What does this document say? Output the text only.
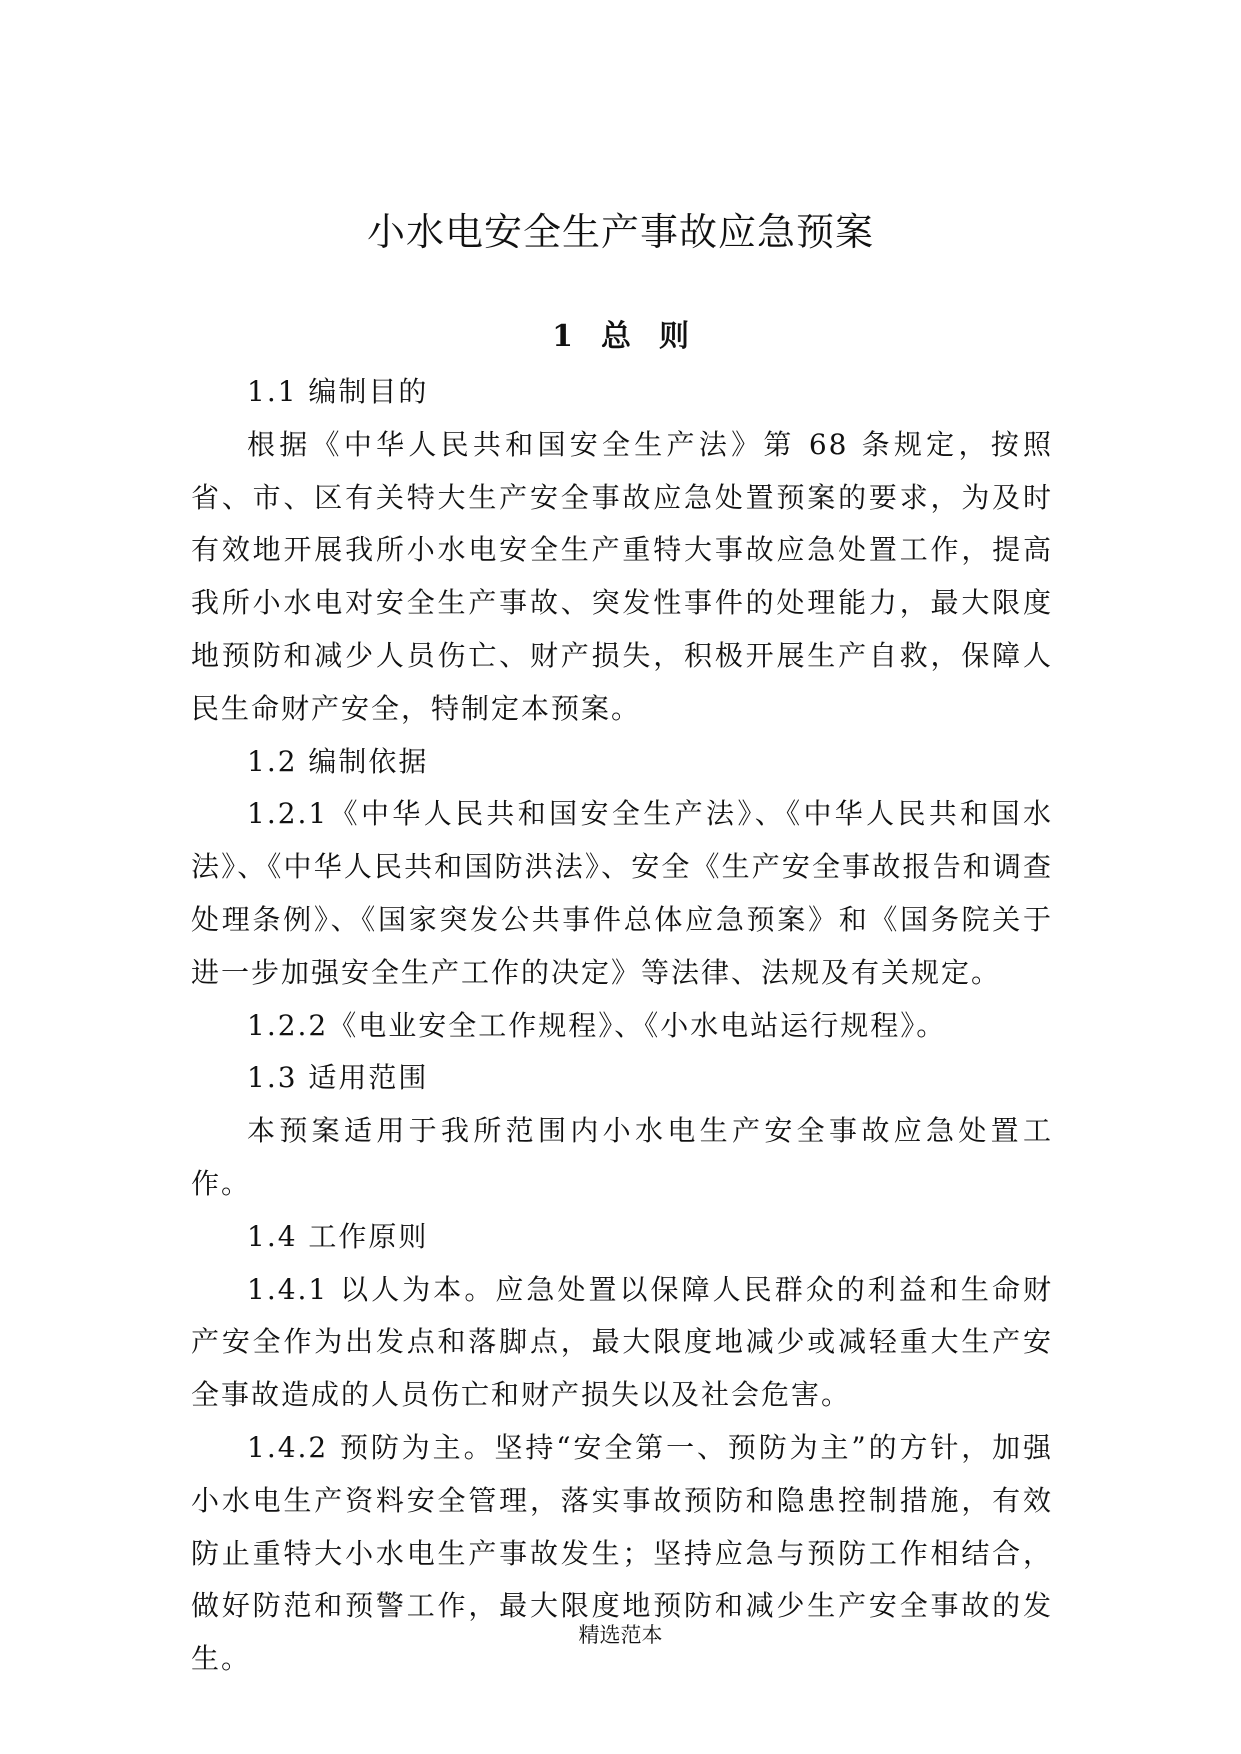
小水电安全生产事故应急预案
1 总 则

1.1 编制目的

根据《中华人民共和国安全生产法》第 68 条规定，按照省、市、区有关特大生产安全事故应急处置预案的要求，为及时有效地开展我所小水电安全生产重特大事故应急处置工作，提高我所小水电对安全生产事故、突发性事件的处理能力，最大限度地预防和减少人员伤亡、财产损失，积极开展生产自救，保障人民生命财产安全，特制定本预案。

1.2 编制依据

1.2.1《中华人民共和国安全生产法》、《中华人民共和国水法》、《中华人民共和国防洪法》、安全《生产安全事故报告和调查处理条例》、《国家突发公共事件总体应急预案》和《国务院关于进一步加强安全生产工作的决定》等法律、法规及有关规定。

1.2.2《电业安全工作规程》、《小水电站运行规程》。

1.3 适用范围

本预案适用于我所范围内小水电生产安全事故应急处置工作。

1.4 工作原则

1.4.1 以人为本。应急处置以保障人民群众的利益和生命财产安全作为出发点和落脚点，最大限度地减少或减轻重大生产安全事故造成的人员伤亡和财产损失以及社会危害。

1.4.2 预防为主。坚持“安全第一、预防为主”的方针，加强小水电生产资料安全管理，落实事故预防和隐患控制措施，有效防止重特大小水电生产事故发生；坚持应急与预防工作相结合，做好防范和预警工作，最大限度地预防和减少生产安全事故的发生。

精选范本
